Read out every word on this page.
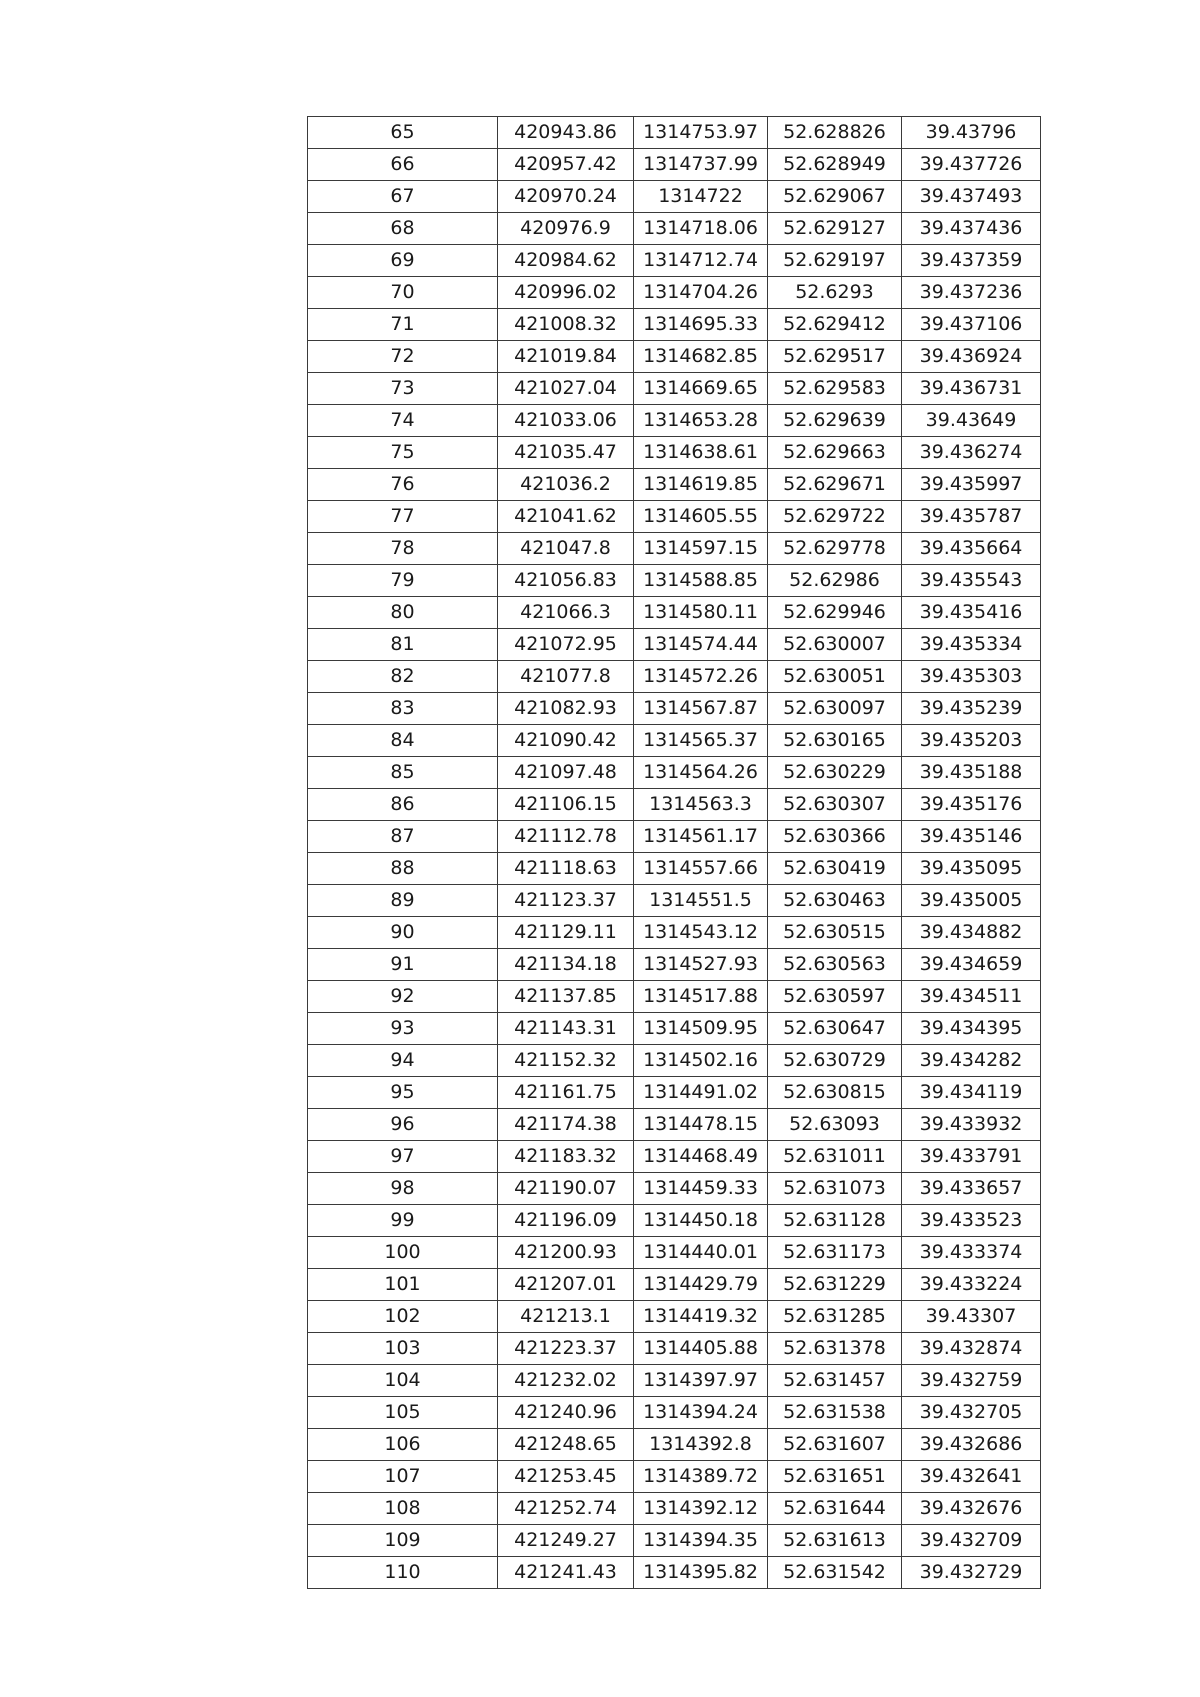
65	420943.86	1314753.97	52.628826	39.43796
66	420957.42	1314737.99	52.628949	39.437726
67	420970.24	1314722	52.629067	39.437493
68	420976.9	1314718.06	52.629127	39.437436
69	420984.62	1314712.74	52.629197	39.437359
70	420996.02	1314704.26	52.6293	39.437236
71	421008.32	1314695.33	52.629412	39.437106
72	421019.84	1314682.85	52.629517	39.436924
73	421027.04	1314669.65	52.629583	39.436731
74	421033.06	1314653.28	52.629639	39.43649
75	421035.47	1314638.61	52.629663	39.436274
76	421036.2	1314619.85	52.629671	39.435997
77	421041.62	1314605.55	52.629722	39.435787
78	421047.8	1314597.15	52.629778	39.435664
79	421056.83	1314588.85	52.62986	39.435543
80	421066.3	1314580.11	52.629946	39.435416
81	421072.95	1314574.44	52.630007	39.435334
82	421077.8	1314572.26	52.630051	39.435303
83	421082.93	1314567.87	52.630097	39.435239
84	421090.42	1314565.37	52.630165	39.435203
85	421097.48	1314564.26	52.630229	39.435188
86	421106.15	1314563.3	52.630307	39.435176
87	421112.78	1314561.17	52.630366	39.435146
88	421118.63	1314557.66	52.630419	39.435095
89	421123.37	1314551.5	52.630463	39.435005
90	421129.11	1314543.12	52.630515	39.434882
91	421134.18	1314527.93	52.630563	39.434659
92	421137.85	1314517.88	52.630597	39.434511
93	421143.31	1314509.95	52.630647	39.434395
94	421152.32	1314502.16	52.630729	39.434282
95	421161.75	1314491.02	52.630815	39.434119
96	421174.38	1314478.15	52.63093	39.433932
97	421183.32	1314468.49	52.631011	39.433791
98	421190.07	1314459.33	52.631073	39.433657
99	421196.09	1314450.18	52.631128	39.433523
100	421200.93	1314440.01	52.631173	39.433374
101	421207.01	1314429.79	52.631229	39.433224
102	421213.1	1314419.32	52.631285	39.43307
103	421223.37	1314405.88	52.631378	39.432874
104	421232.02	1314397.97	52.631457	39.432759
105	421240.96	1314394.24	52.631538	39.432705
106	421248.65	1314392.8	52.631607	39.432686
107	421253.45	1314389.72	52.631651	39.432641
108	421252.74	1314392.12	52.631644	39.432676
109	421249.27	1314394.35	52.631613	39.432709
110	421241.43	1314395.82	52.631542	39.432729
